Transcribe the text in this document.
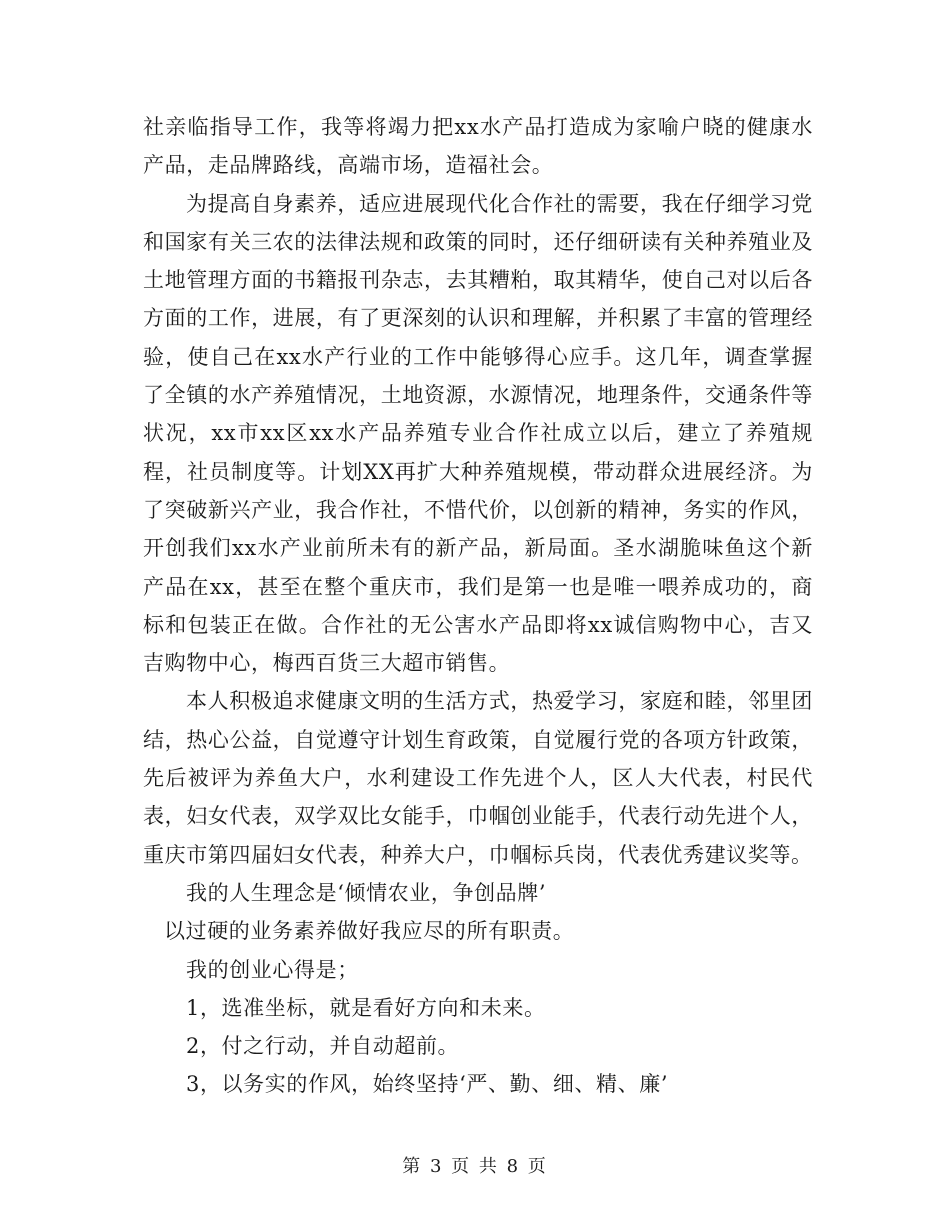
社亲临指导工作，我等将竭力把xx水产品打造成为家喻户晓的健康水产品，走品牌路线，高端市场，造福社会。

为提高自身素养，适应进展现代化合作社的需要，我在仔细学习党和国家有关三农的法律法规和政策的同时，还仔细研读有关种养殖业及土地管理方面的书籍报刊杂志，去其糟粕，取其精华，使自己对以后各方面的工作，进展，有了更深刻的认识和理解，并积累了丰富的管理经验，使自己在xx水产行业的工作中能够得心应手。这几年，调查掌握了全镇的水产养殖情况，土地资源，水源情况，地理条件，交通条件等状况，xx市xx区xx水产品养殖专业合作社成立以后，建立了养殖规程，社员制度等。计划XX再扩大种养殖规模，带动群众进展经济。为了突破新兴产业，我合作社，不惜代价，以创新的精神，务实的作风，开创我们xx水产业前所未有的新产品，新局面。圣水湖脆味鱼这个新产品在xx，甚至在整个重庆市，我们是第一也是唯一喂养成功的，商标和包装正在做。合作社的无公害水产品即将xx诚信购物中心，吉又吉购物中心，梅西百货三大超市销售。

本人积极追求健康文明的生活方式，热爱学习，家庭和睦，邻里团结，热心公益，自觉遵守计划生育政策，自觉履行党的各项方针政策，先后被评为养鱼大户，水利建设工作先进个人，区人大代表，村民代表，妇女代表，双学双比女能手，巾帼创业能手，代表行动先进个人，重庆市第四届妇女代表，种养大户，巾帼标兵岗，代表优秀建议奖等。

我的人生理念是‘倾情农业，争创品牌’

以过硬的业务素养做好我应尽的所有职责。

我的创业心得是；

1，选准坐标，就是看好方向和未来。

2，付之行动，并自动超前。

3，以务实的作风，始终坚持‘严、勤、细、精、廉’

第 3 页 共 8 页
